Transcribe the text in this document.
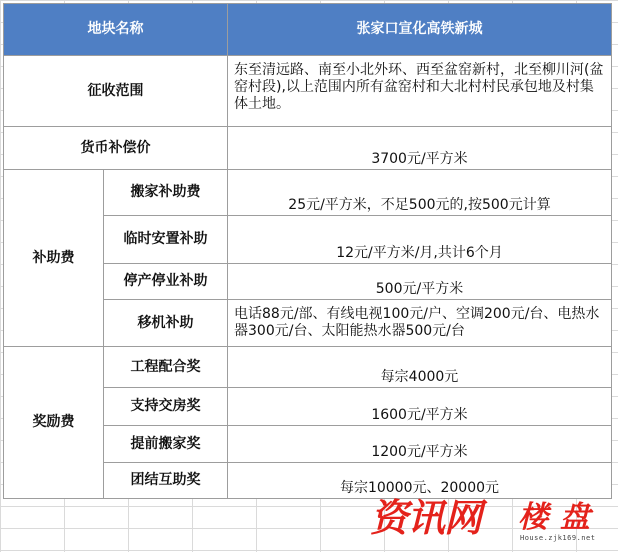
地块名称		张家口宣化高铁新城
征收范围		东至清远路、南至小北外环、西至盆窑新村，北至柳川河(盆窑村段),以上范围内所有盆窑村和大北村村民承包地及村集体土地。
货币补偿价		3700元/平方米
补助费	搬家补助费	25元/平方米，不足500元的,按500元计算
	临时安置补助	12元/平方米/月,共计6个月
	停产停业补助	500元/平方米
	移机补助	电话88元/部、有线电视100元/户、空调200元/台、电热水器300元/台、太阳能热水器500元/台
奖励费	工程配合奖	每宗4000元
	支持交房奖	1600元/平方米
	提前搬家奖	1200元/平方米
	团结互助奖	每宗10000元、20000元
资讯网 楼盘
House.zjk169.net
